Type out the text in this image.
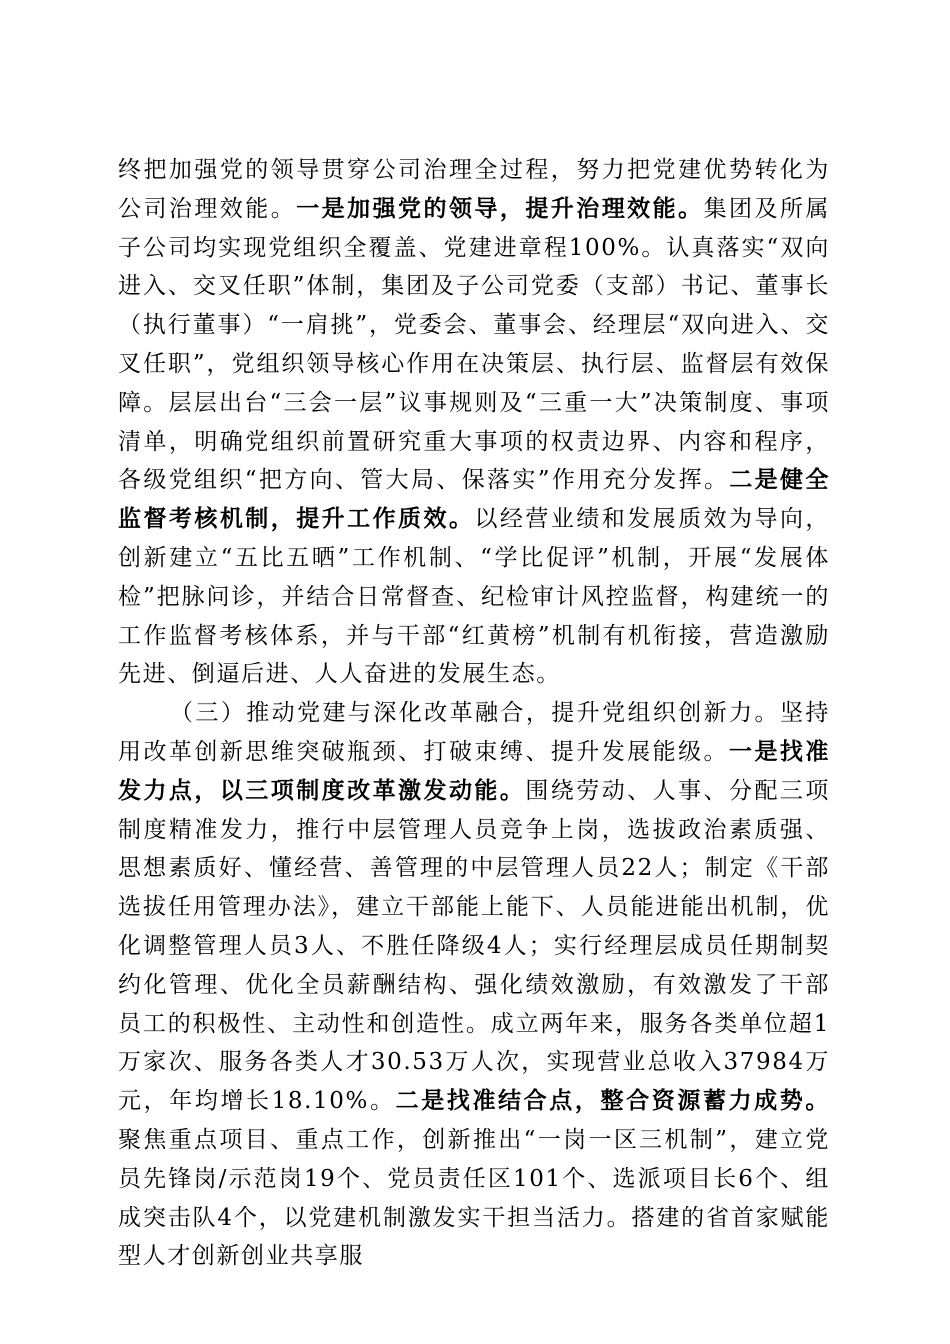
终把加强党的领导贯穿公司治理全过程，努力把党建优势转化为公司治理效能。一是加强党的领导，提升治理效能。集团及所属子公司均实现党组织全覆盖、党建进章程100%。认真落实“双向进入、交叉任职”体制，集团及子公司党委（支部）书记、董事长（执行董事）“一肩挑”，党委会、董事会、经理层“双向进入、交叉任职”，党组织领导核心作用在决策层、执行层、监督层有效保障。层层出台“三会一层”议事规则及“三重一大”决策制度、事项清单，明确党组织前置研究重大事项的权责边界、内容和程序，各级党组织“把方向、管大局、保落实”作用充分发挥。二是健全监督考核机制，提升工作质效。以经营业绩和发展质效为导向，创新建立“五比五晒”工作机制、“学比促评”机制，开展“发展体检”把脉问诊，并结合日常督查、纪检审计风控监督，构建统一的工作监督考核体系，并与干部“红黄榜”机制有机衔接，营造激励先进、倒逼后进、人人奋进的发展生态。

（三）推动党建与深化改革融合，提升党组织创新力。坚持用改革创新思维突破瓶颈、打破束缚、提升发展能级。一是找准发力点，以三项制度改革激发动能。围绕劳动、人事、分配三项制度精准发力，推行中层管理人员竞争上岗，选拔政治素质强、思想素质好、懂经营、善管理的中层管理人员22人；制定《干部选拔任用管理办法》，建立干部能上能下、人员能进能出机制，优化调整管理人员3人、不胜任降级4人；实行经理层成员任期制契约化管理、优化全员薪酬结构、强化绩效激励，有效激发了干部员工的积极性、主动性和创造性。成立两年来，服务各类单位超1万家次、服务各类人才30.53万人次，实现营业总收入37984万元，年均增长18.10%。二是找准结合点，整合资源蓄力成势。聚焦重点项目、重点工作，创新推出“一岗一区三机制”，建立党员先锋岗/示范岗19个、党员责任区101个、选派项目长6个、组成突击队4个，以党建机制激发实干担当活力。搭建的省首家赋能型人才创新创业共享服
